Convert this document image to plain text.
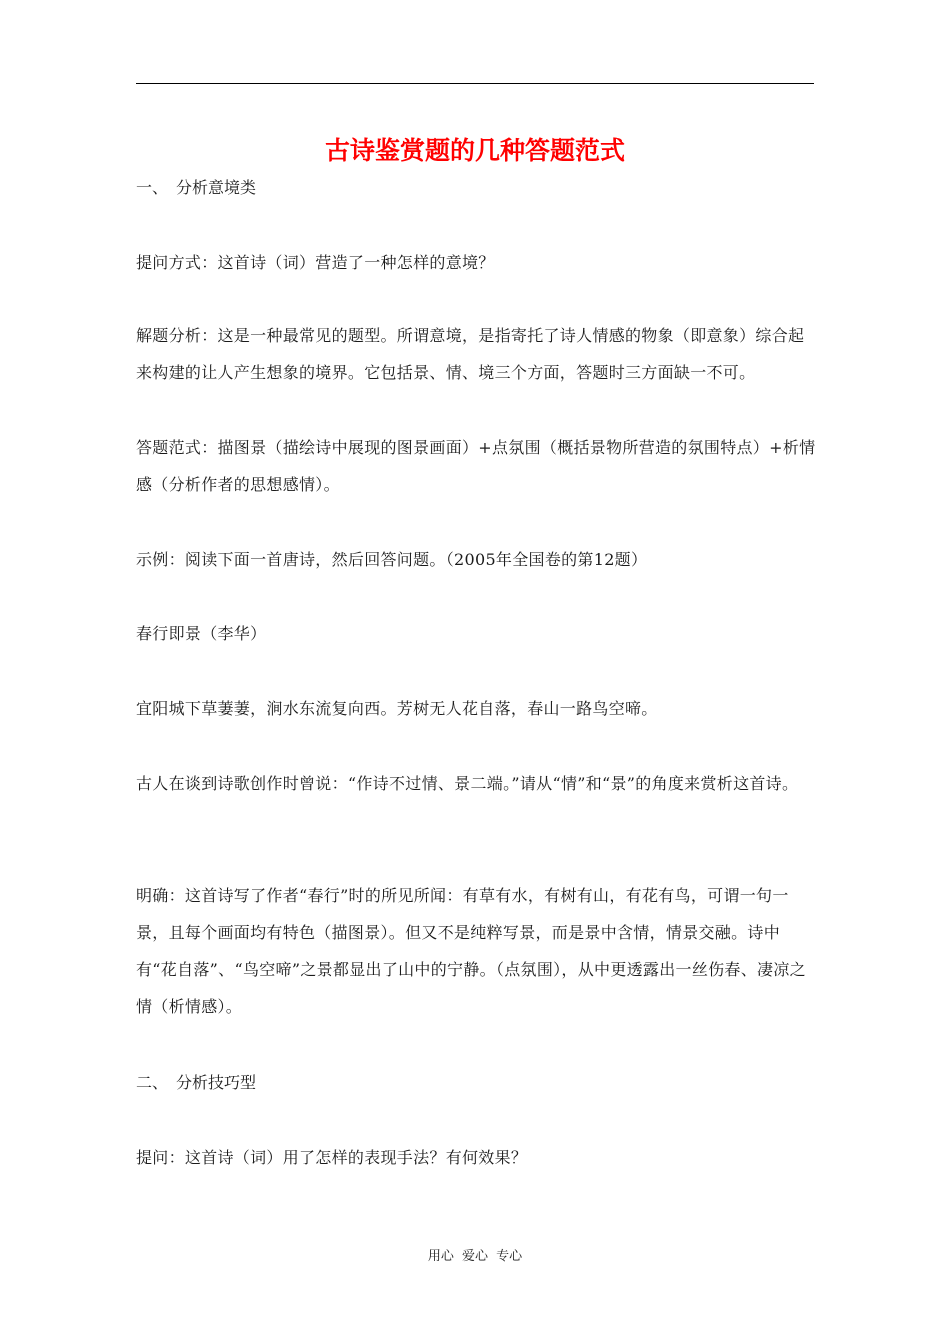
古诗鉴赏题的几种答题范式

一、 分析意境类

提问方式：这首诗（词）营造了一种怎样的意境？

解题分析：这是一种最常见的题型。所谓意境，是指寄托了诗人情感的物象（即意象）综合起来构建的让人产生想象的境界。它包括景、情、境三个方面，答题时三方面缺一不可。

答题范式：描图景（描绘诗中展现的图景画面）+点氛围（概括景物所营造的氛围特点）+析情感（分析作者的思想感情）。

示例：阅读下面一首唐诗，然后回答问题。（2005年全国卷的第12题）

春行即景（李华）

宜阳城下草萋萋，涧水东流复向西。芳树无人花自落，春山一路鸟空啼。

古人在谈到诗歌创作时曾说：“作诗不过情、景二端。”请从“情”和“景”的角度来赏析这首诗。

明确：这首诗写了作者“春行”时的所见所闻：有草有水，有树有山，有花有鸟，可谓一句一景，且每个画面均有特色（描图景）。但又不是纯粹写景，而是景中含情，情景交融。诗中有“花自落”、“鸟空啼”之景都显出了山中的宁静。（点氛围），从中更透露出一丝伤春、凄凉之情（析情感）。

二、 分析技巧型

提问：这首诗（词）用了怎样的表现手法？有何效果？

用心 爱心 专心
